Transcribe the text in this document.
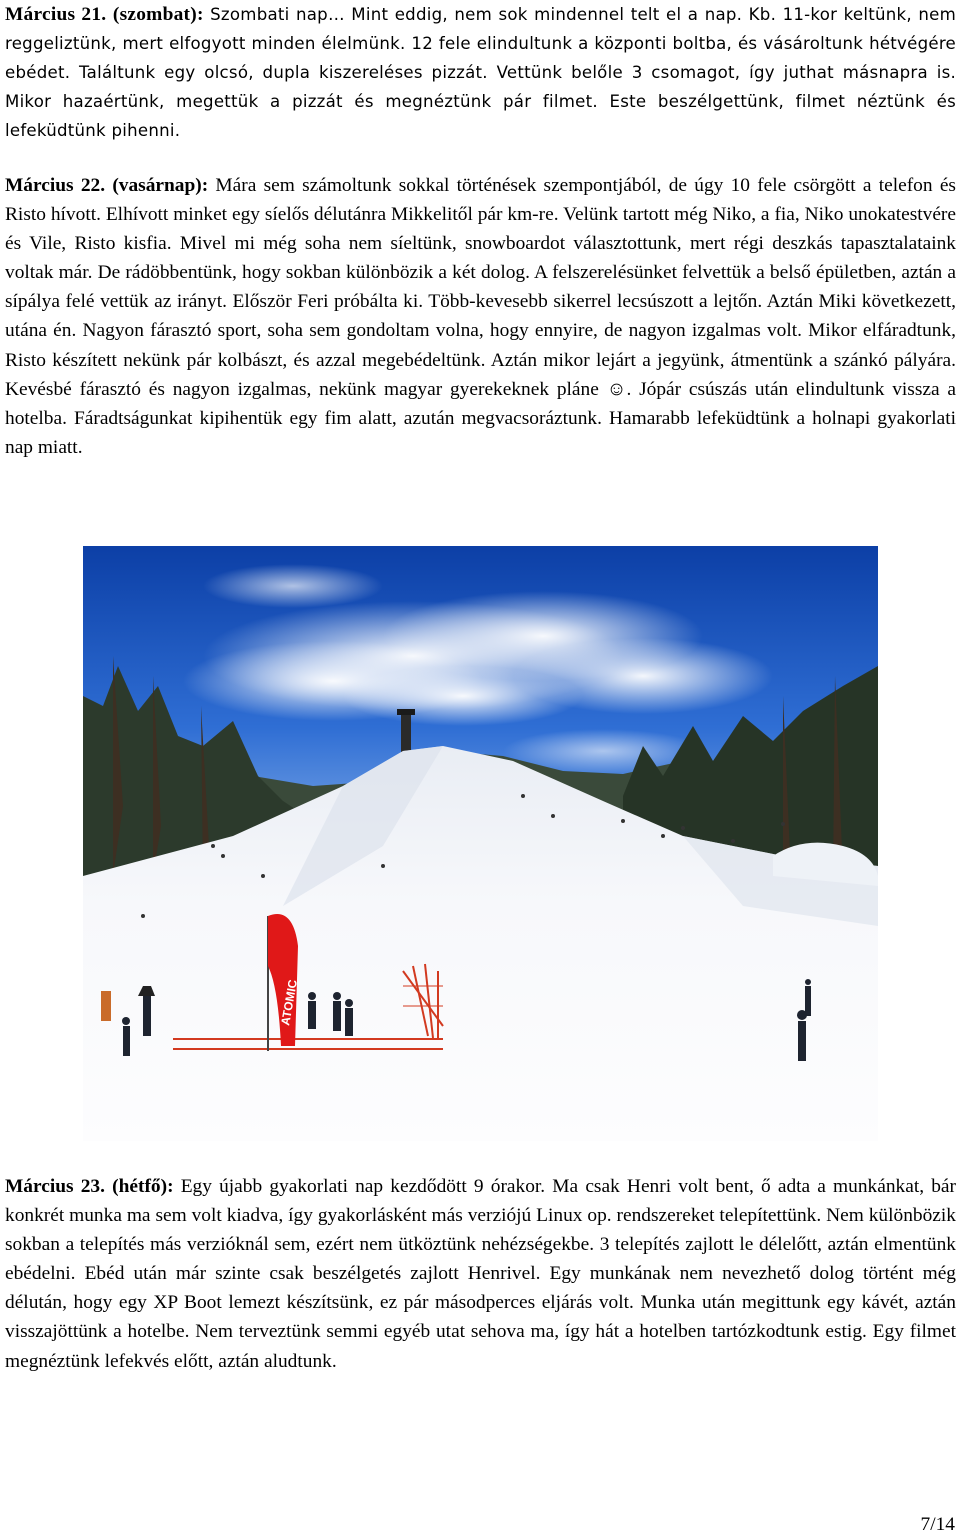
Március 21. (szombat): Szombati nap… Mint eddig, nem sok mindennel telt el a nap. Kb. 11-kor keltünk, nem reggeliztünk, mert elfogyott minden élelmünk. 12 fele elindultunk a központi boltba, és vásároltunk hétvégére ebédet. Találtunk egy olcsó, dupla kiszereléses pizzát. Vettünk belőle 3 csomagot, így juthat másnapra is. Mikor hazaértünk, megettük a pizzát és megnéztünk pár filmet. Este beszélgettünk, filmet néztünk és lefeküdtünk pihenni.

Március 22. (vasárnap): Mára sem számoltunk sokkal történések szempontjából, de úgy 10 fele csörgött a telefon és Risto hívott. Elhívott minket egy síelős délutánra Mikkelitől pár km-re. Velünk tartott még Niko, a fia, Niko unokatestvére és Vile, Risto kisfia. Mivel mi még soha nem síeltünk, snowboardot választottunk, mert régi deszkás tapasztalataink voltak már. De rádöbbentünk, hogy sokban különbözik a két dolog. A felszerelésünket felvettük a belső épületben, aztán a sípálya felé vettük az irányt. Először Feri próbálta ki. Több-kevesebb sikerrel lecsúszott a lejtőn. Aztán Miki következett, utána én. Nagyon fárasztó sport, soha sem gondoltam volna, hogy ennyire, de nagyon izgalmas volt. Mikor elfáradtunk, Risto készített nekünk pár kolbászt, és azzal megebédeltünk. Aztán mikor lejárt a jegyünk, átmentünk a szánkó pályára. Kevésbé fárasztó és nagyon izgalmas, nekünk magyar gyerekeknek pláne ☺. Jópár csúszás után elindultunk vissza a hotelba. Fáradtságunkat kipihentük egy fim alatt, azután megvacsoráztunk. Hamarabb lefeküdtünk a holnapi gyakorlati nap miatt.

ATOMIC

Március 23. (hétfő): Egy újabb gyakorlati nap kezdődött 9 órakor. Ma csak Henri volt bent, ő adta a munkánkat, bár konkrét munka ma sem volt kiadva, így gyakorlásként más verziójú Linux op. rendszereket telepítettünk. Nem különbözik sokban a telepítés más verzióknál sem, ezért nem ütköztünk nehézségekbe. 3 telepítés zajlott le délelőtt, aztán elmentünk ebédelni. Ebéd után már szinte csak beszélgetés zajlott Henrivel. Egy munkának nem nevezhető dolog történt még délután, hogy egy XP Boot lemezt készítsünk, ez pár másodperces eljárás volt. Munka után megittunk egy kávét, aztán visszajöttünk a hotelbe. Nem terveztünk semmi egyéb utat sehova ma, így hát a hotelben tartózkodtunk estig. Egy filmet megnéztünk lefekvés előtt, aztán aludtunk.

7/14
